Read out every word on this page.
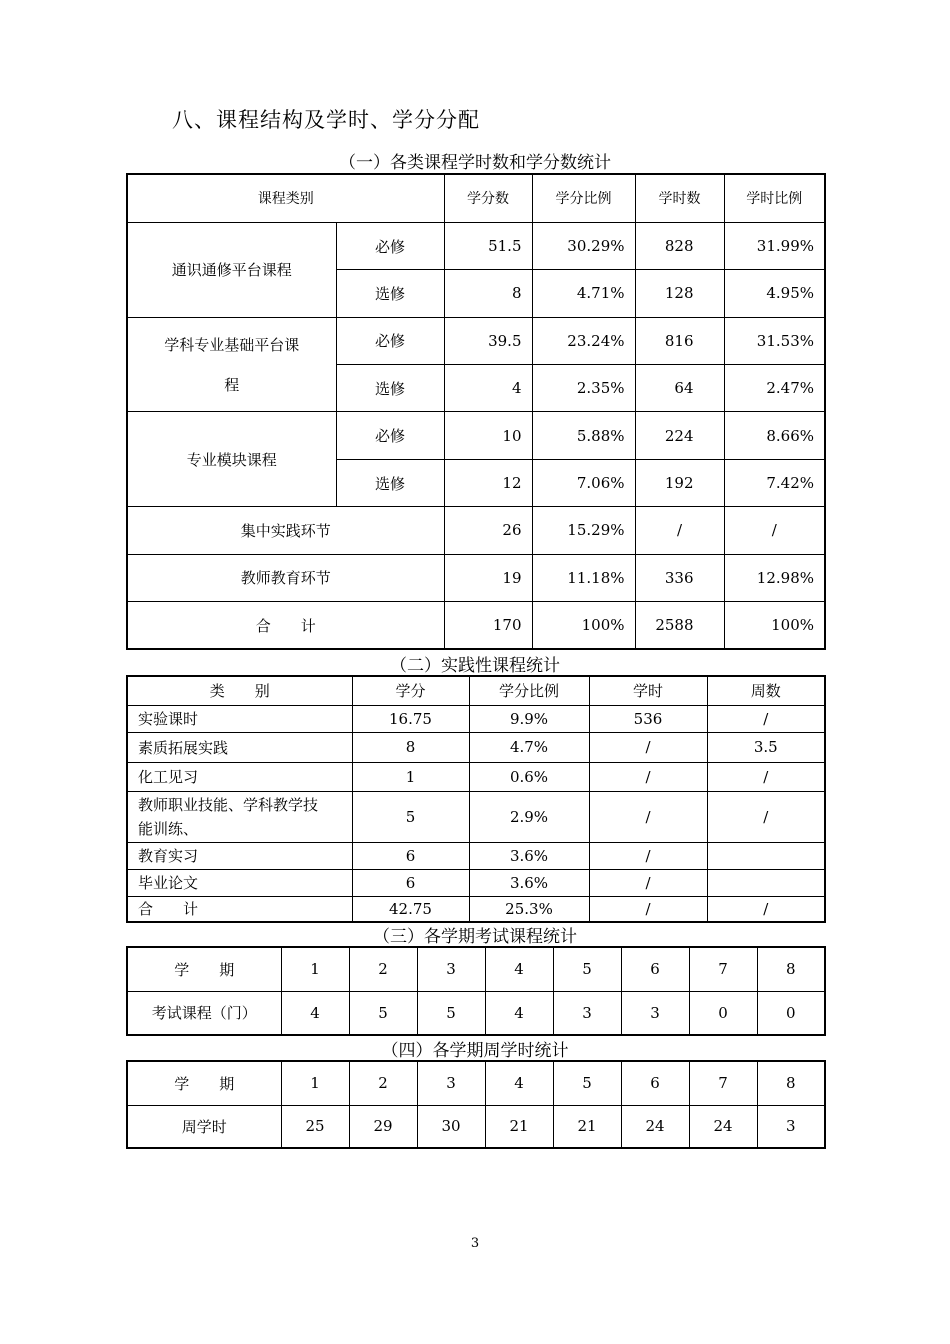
八、课程结构及学时、学分分配
（一）各类课程学时数和学分数统计
课程类别		学分数	学分比例	学时数	学时比例
通识通修平台课程	必修	51.5	30.29%	828	31.99%
	选修	8	4.71%	128	4.95%
学科专业基础平台课
程	必修	39.5	23.24%	816	31.53%
	选修	4	2.35%	64	2.47%
专业模块课程	必修	10	5.88%	224	8.66%
	选修	12	7.06%	192	7.42%
集中实践环节		26	15.29%	/	/
教师教育环节		19	11.18%	336	12.98%
合　　计		170	100%	2588	100%
（二）实践性课程统计
类　　别	学分	学分比例	学时	周数
实验课时	16.75	9.9%	536	/
素质拓展实践	8	4.7%	/	3.5
化工见习	1	0.6%	/	/
教师职业技能、学科教学技
能训练、	5	2.9%	/	/
教育实习	6	3.6%	/	
毕业论文	6	3.6%	/	
合　　计	42.75	25.3%	/	/
（三）各学期考试课程统计
学　　期	1	2	3	4	5	6	7	8
考试课程（门）	4	5	5	4	3	3	0	0
（四）各学期周学时统计
学　　期	1	2	3	4	5	6	7	8
周学时	25	29	30	21	21	24	24	3
3
